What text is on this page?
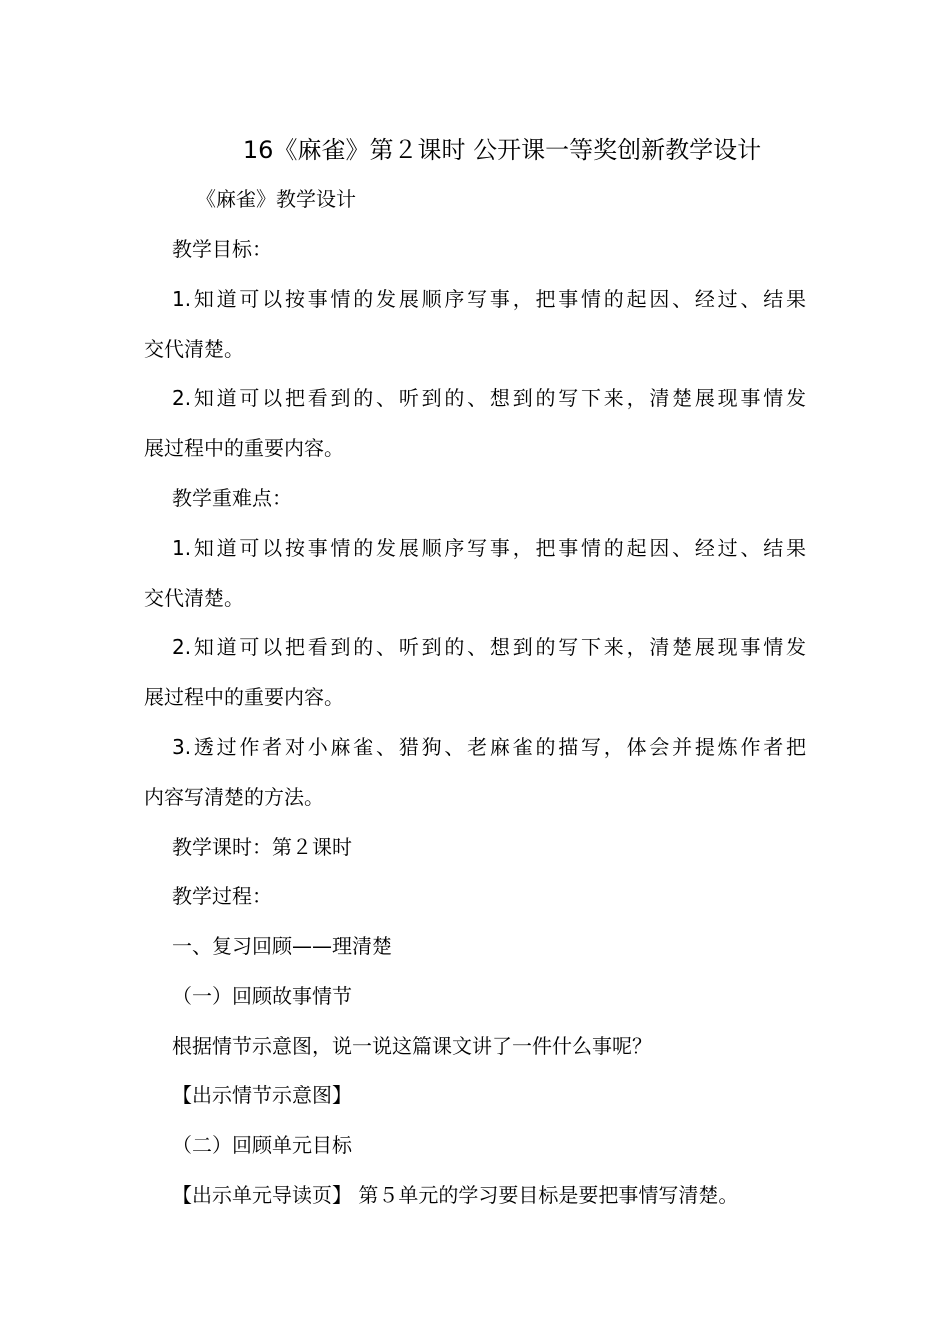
16《麻雀》第２课时 公开课一等奖创新教学设计

《麻雀》教学设计

教学目标：

1.知道可以按事情的发展顺序写事，把事情的起因、经过、结果

交代清楚。

2.知道可以把看到的、听到的、想到的写下来，清楚展现事情发

展过程中的重要内容。

教学重难点：

1.知道可以按事情的发展顺序写事，把事情的起因、经过、结果

交代清楚。

2.知道可以把看到的、听到的、想到的写下来，清楚展现事情发

展过程中的重要内容。

3.透过作者对小麻雀、猎狗、老麻雀的描写，体会并提炼作者把

内容写清楚的方法。

教学课时：第２课时

教学过程：

一、复习回顾——理清楚

（一）回顾故事情节

根据情节示意图，说一说这篇课文讲了一件什么事呢？

【出示情节示意图】

（二）回顾单元目标

【出示单元导读页】 第５单元的学习要目标是要把事情写清楚。
